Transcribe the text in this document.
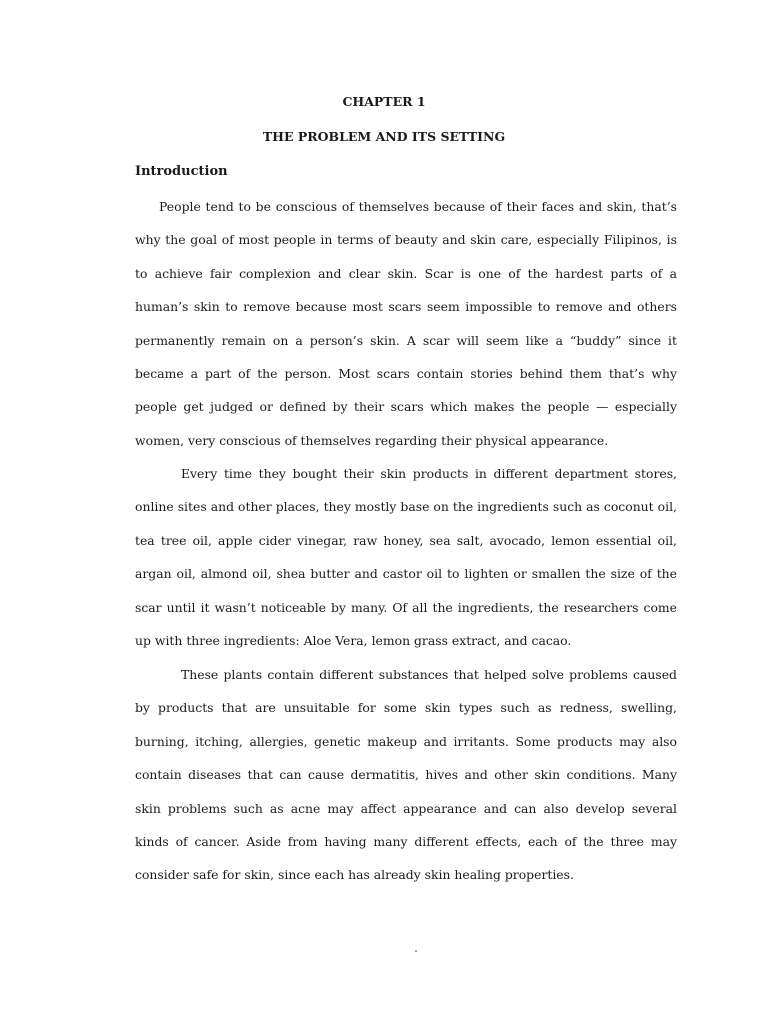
CHAPTER 1
THE PROBLEM AND ITS SETTING
Introduction

People tend to be conscious of themselves because of their faces and skin, that’s why the goal of most people in terms of beauty and skin care, especially Filipinos, is to achieve fair complexion and clear skin. Scar is one of the hardest parts of a human’s skin to remove because most scars seem impossible to remove and others permanently remain on a person’s skin. A scar will seem like a “buddy” since it became a part of the person. Most scars contain stories behind them that’s why people get judged or defined by their scars which makes the people — especially women, very conscious of themselves regarding their physical appearance.

Every time they bought their skin products in different department stores, online sites and other places, they mostly base on the ingredients such as coconut oil, tea tree oil, apple cider vinegar, raw honey, sea salt, avocado, lemon essential oil, argan oil, almond oil, shea butter and castor oil to lighten or smallen the size of the scar until it wasn’t noticeable by many. Of all the ingredients, the researchers come up with three ingredients: Aloe Vera, lemon grass extract, and cacao.

These plants contain different substances that helped solve problems caused by products that are unsuitable for some skin types such as redness, swelling, burning, itching, allergies, genetic makeup and irritants. Some products may also contain diseases that can cause dermatitis, hives and other skin conditions. Many skin problems such as acne may affect appearance and can also develop several kinds of cancer. Aside from having many different effects, each of the three may consider safe for skin, since each has already skin healing properties.
